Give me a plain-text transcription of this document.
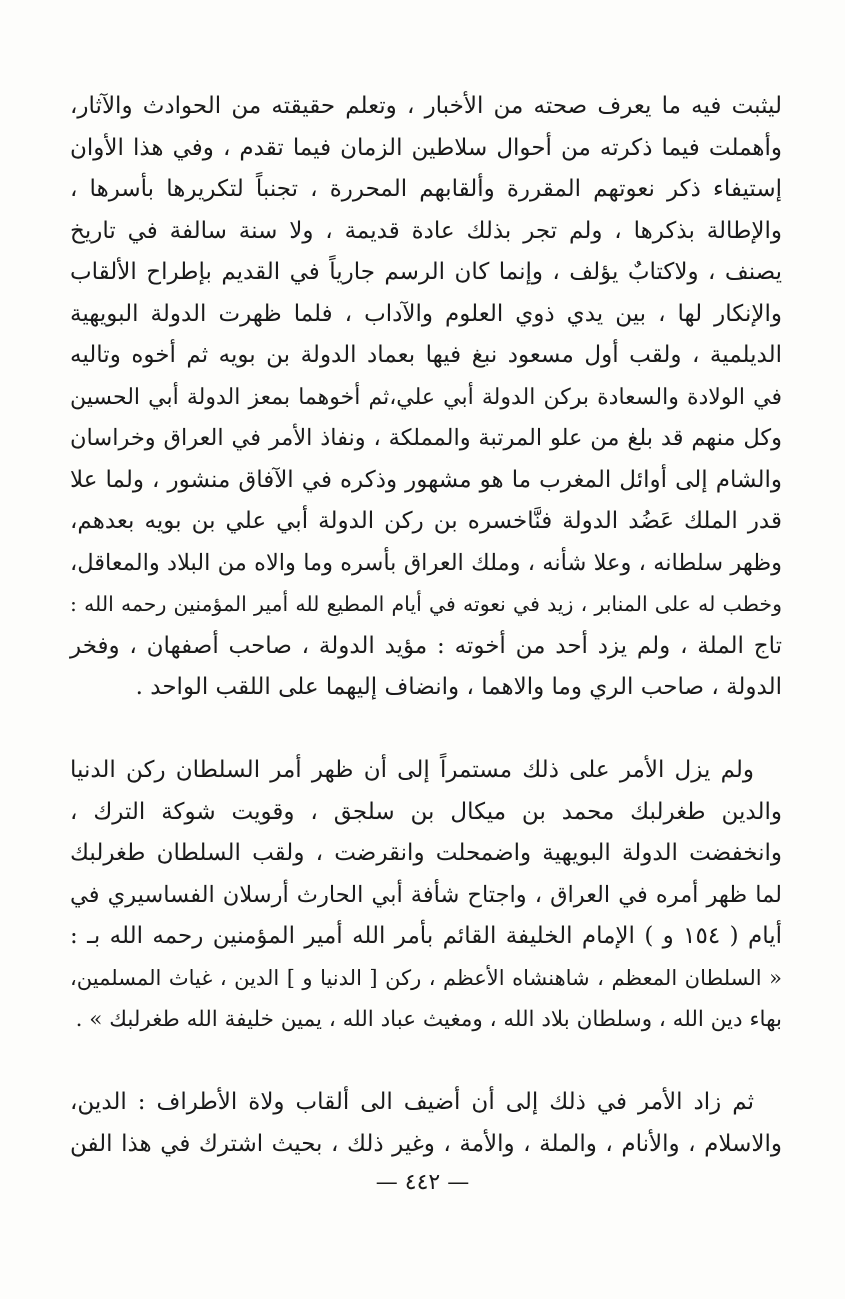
ليثبت فيه ما يعرف صحته من الأخبار ، وتعلم حقيقته من الحوادث والآثار،
وأهملت فيما ذكرته من أحوال سلاطين الزمان فيما تقدم ، وفي هذا الأوان
إستيفاء ذكر نعوتهم المقررة وألقابهم المحررة ، تجنباً لتكريرها بأسرها ،
والإطالة بذكرها ، ولم تجر بذلك عادة قديمة ، ولا سنة سالفة في تاريخ
يصنف ، ولاكتابٌ يؤلف ، وإنما كان الرسم جارياً في القديم بإطراح الألقاب
والإنكار لها ، بين يدي ذوي العلوم والآداب ، فلما ظهرت الدولة البويهية
الديلمية ، ولقب أول مسعود نبغ فيها بعماد الدولة بن بويه ثم أخوه وتاليه
في الولادة والسعادة بركن الدولة أبي علي،ثم أخوهما بمعز الدولة أبي الحسين
وكل منهم قد بلغ من علو المرتبة والمملكة ، ونفاذ الأمر في العراق وخراسان
والشام إلى أوائل المغرب ما هو مشهور وذكره في الآفاق منشور ، ولما علا
قدر الملك عَضُد الدولة فنَّاخسره بن ركن الدولة أبي علي بن بويه بعدهم،
وظهر سلطانه ، وعلا شأنه ، وملك العراق بأسره وما والاه من البلاد والمعاقل،
وخطب له على المنابر ، زيد في نعوته في أيام المطيع لله أمير المؤمنين رحمه الله :
تاج الملة ، ولم يزد أحد من أخوته : مؤيد الدولة ، صاحب أصفهان ، وفخر
الدولة ، صاحب الري وما والاهما ، وانضاف إليهما على اللقب الواحد .
ولم يزل الأمر على ذلك مستمراً إلى أن ظهر أمر السلطان ركن الدنيا
والدين طغرلبك محمد بن ميكال بن سلجق ، وقويت شوكة الترك ،
وانخفضت الدولة البويهية واضمحلت وانقرضت ، ولقب السلطان طغرلبك
لما ظهر أمره في العراق ، واجتاح شأفة أبي الحارث أرسلان الفساسيري في
أيام ( ١٥٤ و ) الإمام الخليفة القائم بأمر الله أمير المؤمنين رحمه الله بـ :
« السلطان المعظم ، شاهنشاه الأعظم ، ركن [ الدنيا و ] الدين ، غياث المسلمين،
بهاء دين الله ، وسلطان بلاد الله ، ومغيث عباد الله ، يمين خليفة الله طغرلبك » .
ثم زاد الأمر في ذلك إلى أن أضيف الى ألقاب ولاة الأطراف : الدين،
والاسلام ، والأنام ، والملة ، والأمة ، وغير ذلك ، بحيث اشترك في هذا الفن
— ٤٤٢ —
